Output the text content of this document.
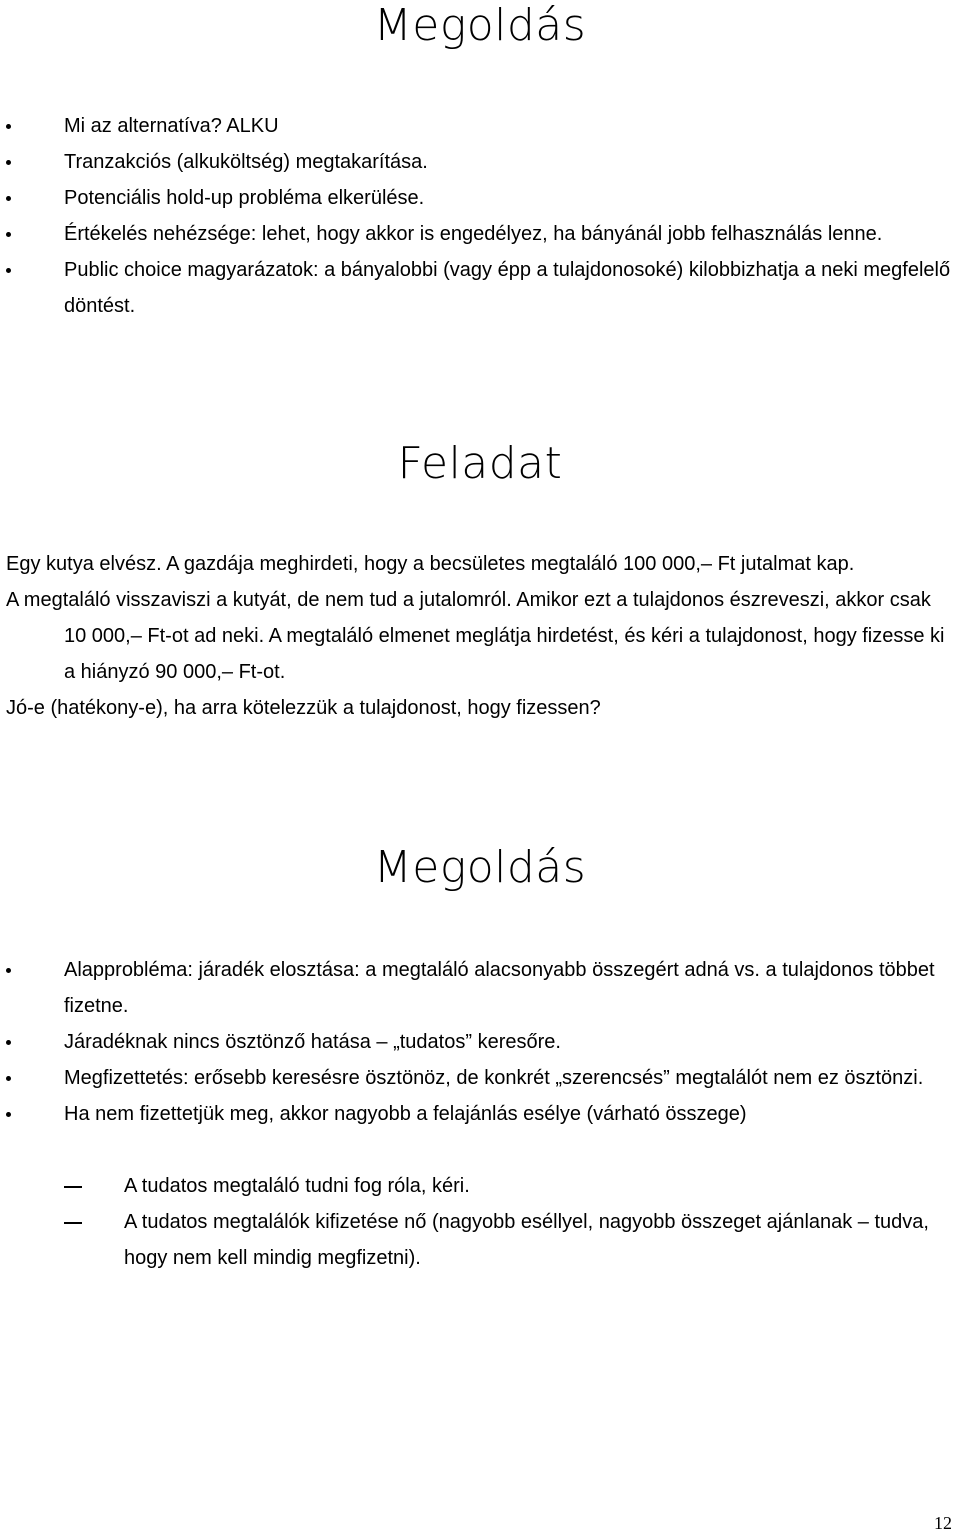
Megoldás
Mi az alternatíva? ALKU
Tranzakciós (alkuköltség) megtakarítása.
Potenciális hold-up probléma elkerülése.
Értékelés nehézsége: lehet, hogy akkor is engedélyez, ha bányánál jobb felhasználás lenne.
Public choice magyarázatok: a bányalobbi (vagy épp a tulajdonosoké) kilobbizhatja a neki megfelelő döntést.
Feladat

Egy kutya elvész. A gazdája meghirdeti, hogy a becsületes megtaláló 100 000,– Ft jutalmat kap.

A megtaláló visszaviszi a kutyát, de nem tud a jutalomról. Amikor ezt a tulajdonos észreveszi, akkor csak 10 000,– Ft-ot ad neki. A megtaláló elmenet meglátja hirdetést, és kéri a tulajdonost, hogy fizesse ki a hiányzó 90 000,– Ft-ot.

Jó-e (hatékony-e), ha arra kötelezzük a tulajdonost, hogy fizessen?

Megoldás
Alapprobléma: járadék elosztása: a megtaláló alacsonyabb összegért adná vs. a tulajdonos többet fizetne.
Járadéknak nincs ösztönző hatása – „tudatos” keresőre.
Megfizettetés: erősebb keresésre ösztönöz, de konkrét „szerencsés” megtalálót nem ez ösztönzi.
Ha nem fizettetjük meg, akkor nagyobb a felajánlás esélye (várható összege)
A tudatos megtaláló tudni fog róla, kéri.
A tudatos megtalálók kifizetése nő (nagyobb eséllyel, nagyobb összeget ajánlanak – tudva, hogy nem kell mindig megfizetni).
12
